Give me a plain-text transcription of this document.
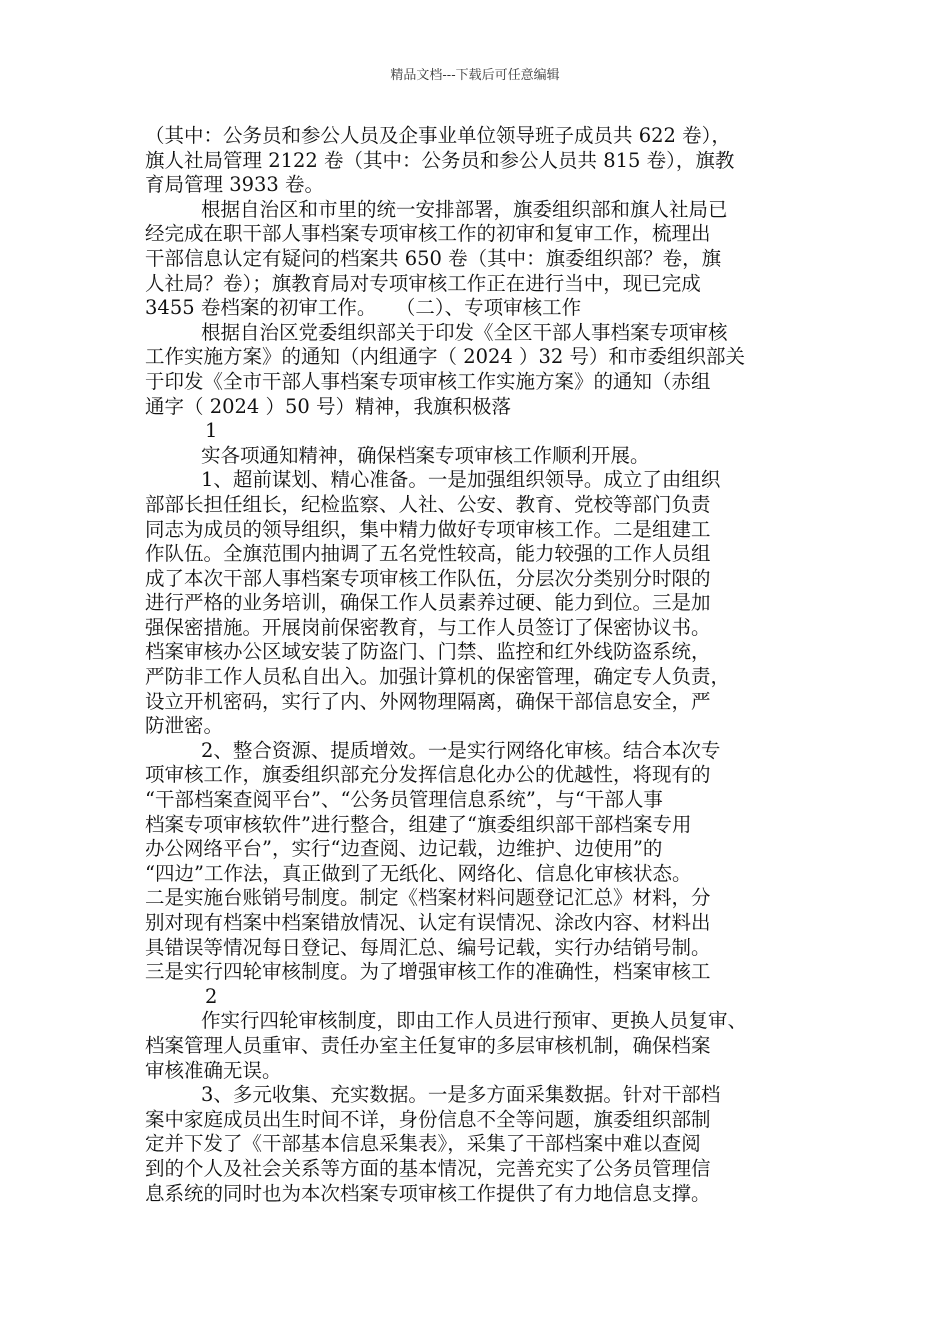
精品文档---下载后可任意编辑
（其中：公务员和参公人员及企事业单位领导班子成员共 622 卷），
旗人社局管理 2122 卷（其中：公务员和参公人员共 815 卷），旗教
育局管理 3933 卷。
根据自治区和市里的统一安排部署，旗委组织部和旗人社局已
经完成在职干部人事档案专项审核工作的初审和复审工作，梳理出
干部信息认定有疑问的档案共 650 卷（其中：旗委组织部？卷，旗
人社局？卷）；旗教育局对专项审核工作正在进行当中，现已完成
3455 卷档案的初审工作。　　（二）、专项审核工作
根据自治区党委组织部关于印发《全区干部人事档案专项审核
工作实施方案》的通知（内组通字（ 2024 ）32 号）和市委组织部关
于印发《全市干部人事档案专项审核工作实施方案》的通知（赤组
通字（ 2024 ）50 号）精神，我旗积极落
1
实各项通知精神，确保档案专项审核工作顺利开展。
1、超前谋划、精心准备。一是加强组织领导。成立了由组织
部部长担任组长，纪检监察、人社、公安、教育、党校等部门负责
同志为成员的领导组织，集中精力做好专项审核工作。二是组建工
作队伍。全旗范围内抽调了五名党性较高，能力较强的工作人员组
成了本次干部人事档案专项审核工作队伍，分层次分类别分时限的
进行严格的业务培训，确保工作人员素养过硬、能力到位。三是加
强保密措施。开展岗前保密教育，与工作人员签订了保密协议书。
档案审核办公区域安装了防盗门、门禁、监控和红外线防盗系统，
严防非工作人员私自出入。加强计算机的保密管理，确定专人负责，
设立开机密码，实行了内、外网物理隔离，确保干部信息安全，严
防泄密。
2、整合资源、提质增效。一是实行网络化审核。结合本次专
项审核工作，旗委组织部充分发挥信息化办公的优越性，将现有的
“干部档案查阅平台”、“公务员管理信息系统”，与“干部人事
档案专项审核软件”进行整合，组建了“旗委组织部干部档案专用
办公网络平台”，实行“边查阅、边记载，边维护、边使用”的
“四边”工作法，真正做到了无纸化、网络化、信息化审核状态。
二是实施台账销号制度。制定《档案材料问题登记汇总》材料，分
别对现有档案中档案错放情况、认定有误情况、涂改内容、材料出
具错误等情况每日登记、每周汇总、编号记载，实行办结销号制。
三是实行四轮审核制度。为了增强审核工作的准确性，档案审核工
2
作实行四轮审核制度，即由工作人员进行预审、更换人员复审、
档案管理人员重审、责任办室主任复审的多层审核机制，确保档案
审核准确无误。
3、多元收集、充实数据。一是多方面采集数据。针对干部档
案中家庭成员出生时间不详，身份信息不全等问题，旗委组织部制
定并下发了《干部基本信息采集表》，采集了干部档案中难以查阅
到的个人及社会关系等方面的基本情况，完善充实了公务员管理信
息系统的同时也为本次档案专项审核工作提供了有力地信息支撑。
